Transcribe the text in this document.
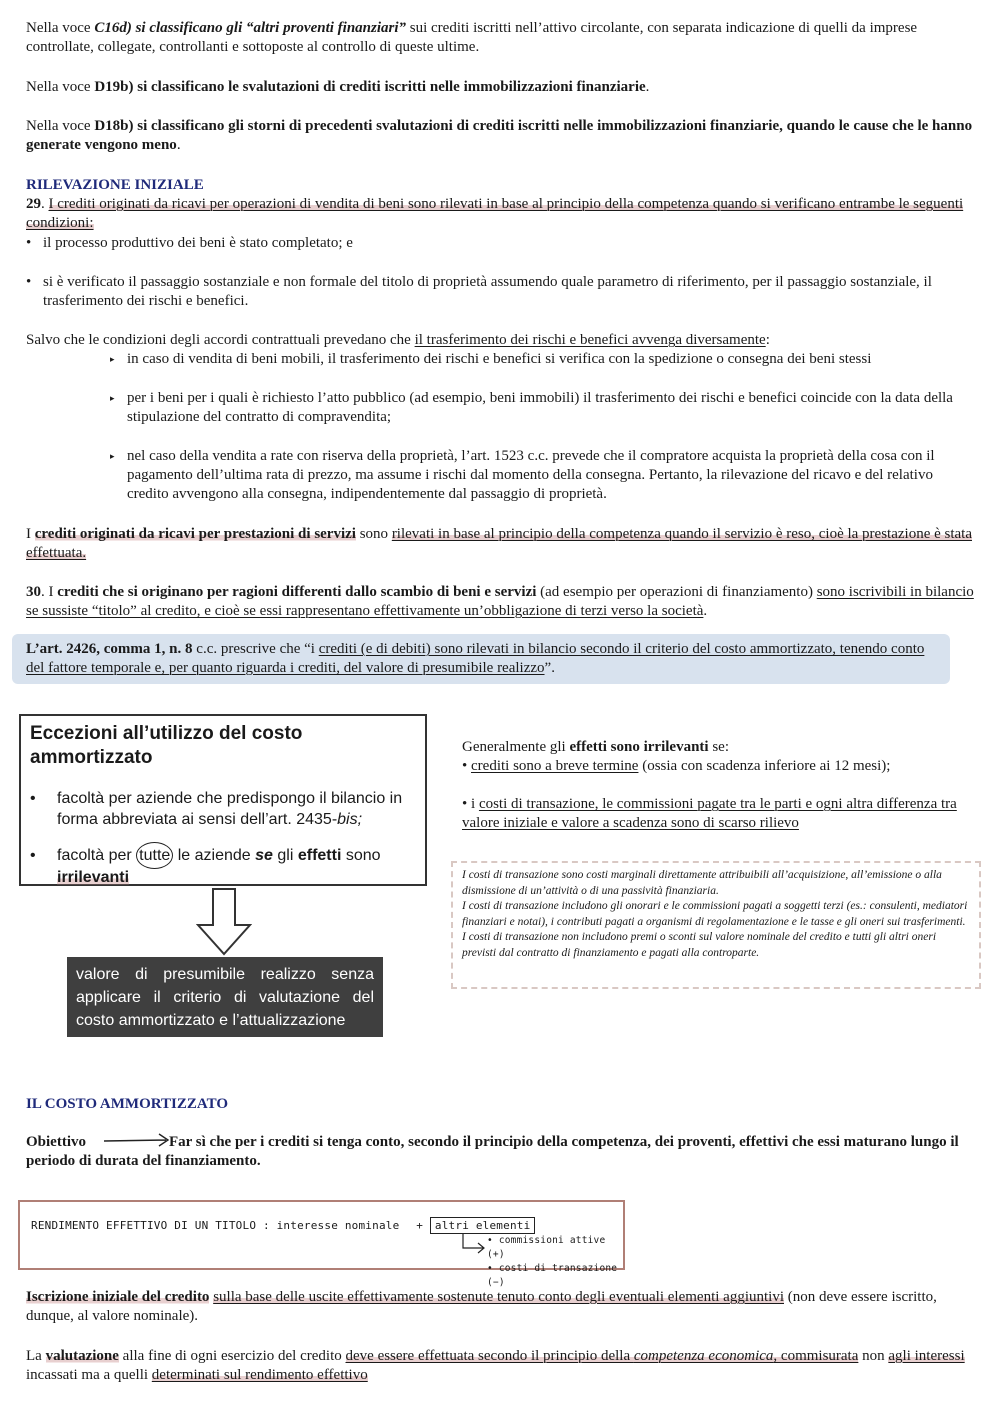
Nella voce C16d) si classificano gli “altri proventi finanziari” sui crediti iscritti nell’attivo circolante, con separata indicazione di quelli da imprese controllate, collegate, controllanti e sottoposte al controllo di queste ultime.

Nella voce D19b) si classificano le svalutazioni di crediti iscritti nelle immobilizzazioni finanziarie.

Nella voce D18b) si classificano gli storni di precedenti svalutazioni di crediti iscritti nelle immobilizzazioni finanziarie, quando le cause che le hanno generate vengono meno.

RILEVAZIONE INIZIALE

29. I crediti originati da ricavi per operazioni di vendita di beni sono rilevati in base al principio della competenza quando si verificano entrambe le seguenti condizioni:

• il processo produttivo dei beni è stato completato; e
• si è verificato il passaggio sostanziale e non formale del titolo di proprietà assumendo quale parametro di riferimento, per il passaggio sostanziale, il trasferimento dei rischi e benefici.

Salvo che le condizioni degli accordi contrattuali prevedano che il trasferimento dei rischi e benefici avvenga diversamente:

▸ in caso di vendita di beni mobili, il trasferimento dei rischi e benefici si verifica con la spedizione o consegna dei beni stessi
▸ per i beni per i quali è richiesto l’atto pubblico (ad esempio, beni immobili) il trasferimento dei rischi e benefici coincide con la data della stipulazione del contratto di compravendita;
▸ nel caso della vendita a rate con riserva della proprietà, l’art. 1523 c.c. prevede che il compratore acquista la proprietà della cosa con il pagamento dell’ultima rata di prezzo, ma assume i rischi dal momento della consegna. Pertanto, la rilevazione del ricavo e del relativo credito avvengono alla consegna, indipendentemente dal passaggio di proprietà.

I crediti originati da ricavi per prestazioni di servizi sono rilevati in base al principio della competenza quando il servizio è reso, cioè la prestazione è stata effettuata.

30. I crediti che si originano per ragioni differenti dallo scambio di beni e servizi (ad esempio per operazioni di finanziamento) sono iscrivibili in bilancio se sussiste “titolo” al credito, e cioè se essi rappresentano effettivamente un’obbligazione di terzi verso la società.

L’art. 2426, comma 1, n. 8 c.c. prescrive che “i crediti (e di debiti) sono rilevati in bilancio secondo il criterio del costo ammortizzato, tenendo conto del fattore temporale e, per quanto riguarda i crediti, del valore di presumibile realizzo”.

Eccezioni all’utilizzo del costo ammortizzato
• facoltà per aziende che predispongo il bilancio in forma abbreviata ai sensi dell’art. 2435-bis;
• facoltà per tutte le aziende se gli effetti sono irrilevanti
valore di presumibile realizzo senza applicare il criterio di valutazione del costo ammortizzato e l’attualizzazione

Generalmente gli effetti sono irrilevanti se:

• crediti sono a breve termine (ossia con scadenza inferiore ai 12 mesi);

• i costi di transazione, le commissioni pagate tra le parti e ogni altra differenza tra valore iniziale e valore a scadenza sono di scarso rilievo

I costi di transazione sono costi marginali direttamente attribuibili all’acquisizione, all’emissione o alla dismissione di un’attività o di una passività finanziaria.

I costi di transazione includono gli onorari e le commissioni pagati a soggetti terzi (es.: consulenti, mediatori finanziari e notai), i contributi pagati a organismi di regolamentazione e le tasse e gli oneri sui trasferimenti.

I costi di transazione non includono premi o sconti sul valore nominale del credito e tutti gli altri oneri previsti dal contratto di finanziamento e pagati alla controparte.

IL COSTO AMMORTIZZATO
Obiettivo	Far sì che per i crediti si tenga conto, secondo il principio della competenza, dei proventi, effettivi che essi maturano lungo il periodo di durata del finanziamento.

RENDIMENTO EFFETTIVO DI UN TITOLO : interesse nominale + altri elementi
• commissioni attive (+)
• costi di transazione (−)

Iscrizione iniziale del credito sulla base delle uscite effettivamente sostenute tenuto conto degli eventuali elementi aggiuntivi (non deve essere iscritto, dunque, al valore nominale).

La valutazione alla fine di ogni esercizio del credito deve essere effettuata secondo il principio della competenza economica, commisurata non agli interessi incassati ma a quelli determinati sul rendimento effettivo
